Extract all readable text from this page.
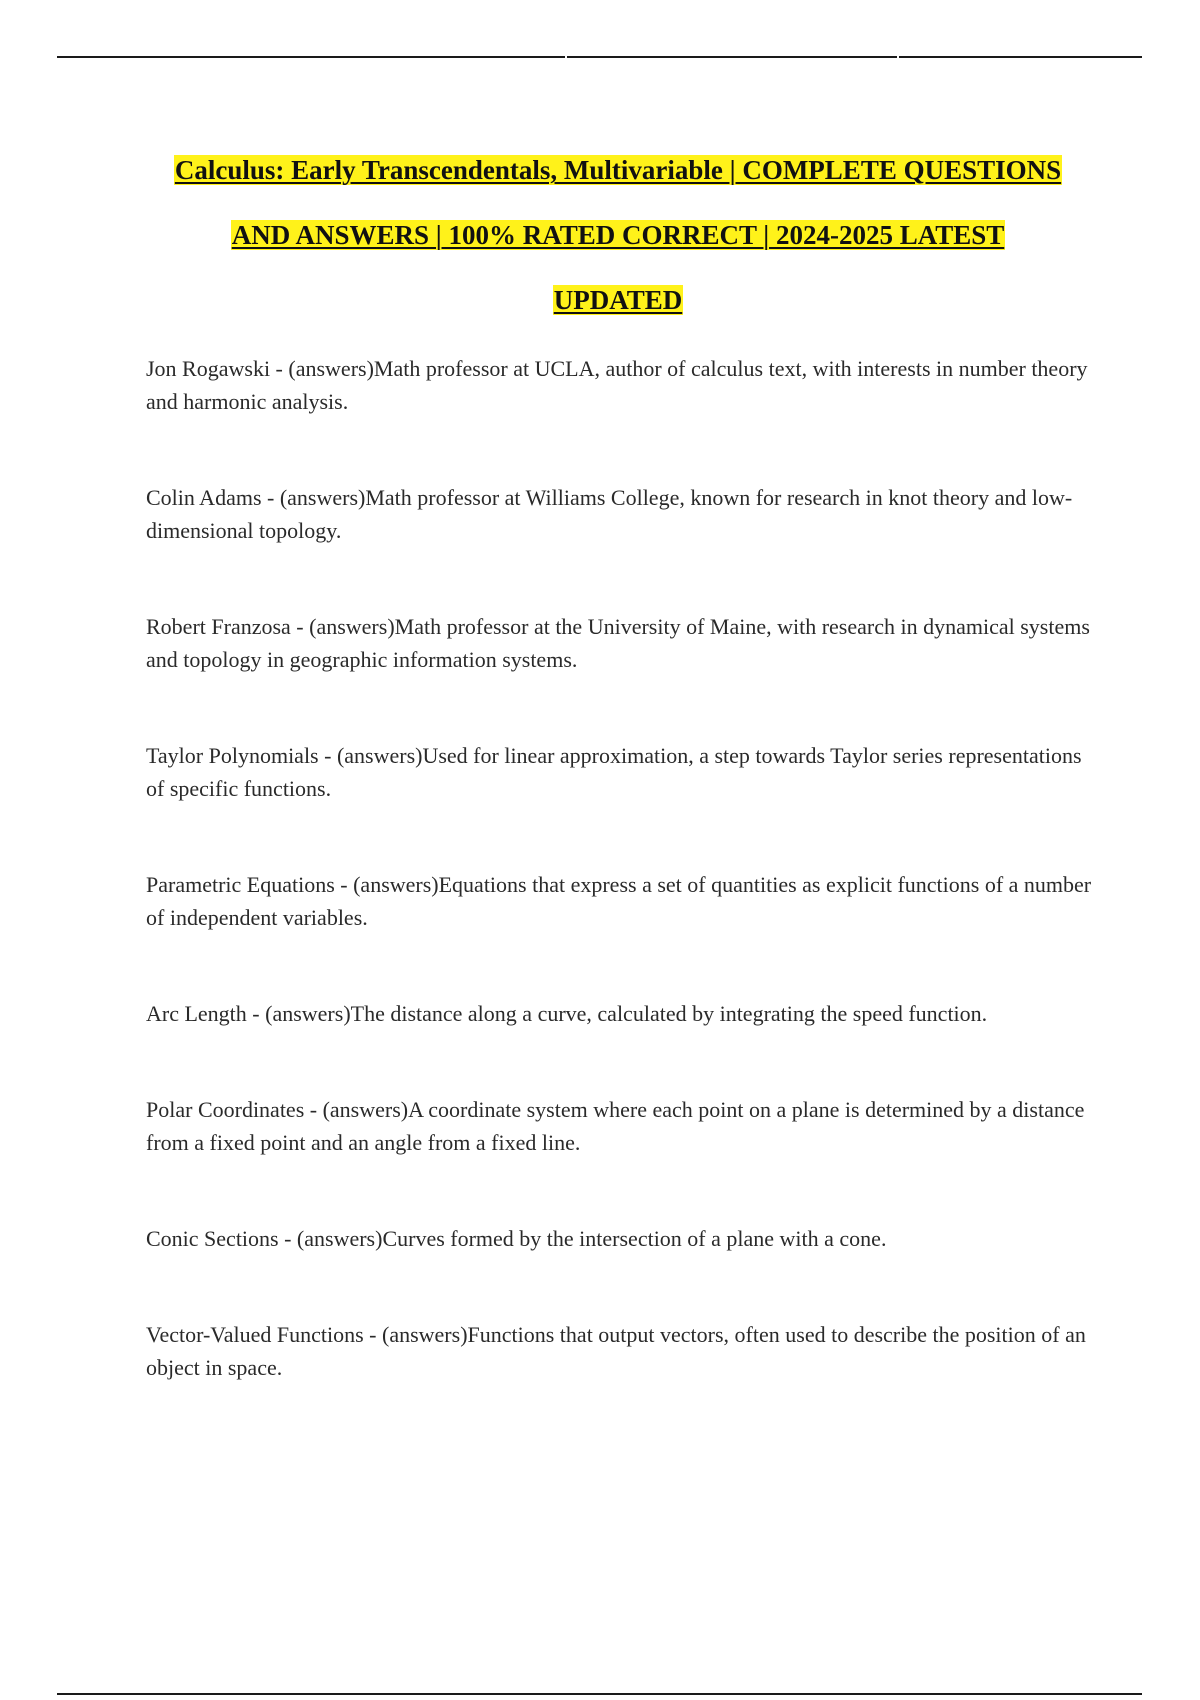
Calculus: Early Transcendentals, Multivariable | COMPLETE QUESTIONS
AND ANSWERS | 100% RATED CORRECT | 2024-2025 LATEST
UPDATED
Jon Rogawski - (answers)Math professor at UCLA, author of calculus text, with interests in number theory and harmonic analysis.
Colin Adams - (answers)Math professor at Williams College, known for research in knot theory and low-dimensional topology.
Robert Franzosa - (answers)Math professor at the University of Maine, with research in dynamical systems and topology in geographic information systems.
Taylor Polynomials - (answers)Used for linear approximation, a step towards Taylor series representations of specific functions.
Parametric Equations - (answers)Equations that express a set of quantities as explicit functions of a number of independent variables.
Arc Length - (answers)The distance along a curve, calculated by integrating the speed function.
Polar Coordinates - (answers)A coordinate system where each point on a plane is determined by a distance from a fixed point and an angle from a fixed line.
Conic Sections - (answers)Curves formed by the intersection of a plane with a cone.
Vector-Valued Functions - (answers)Functions that output vectors, often used to describe the position of an object in space.
